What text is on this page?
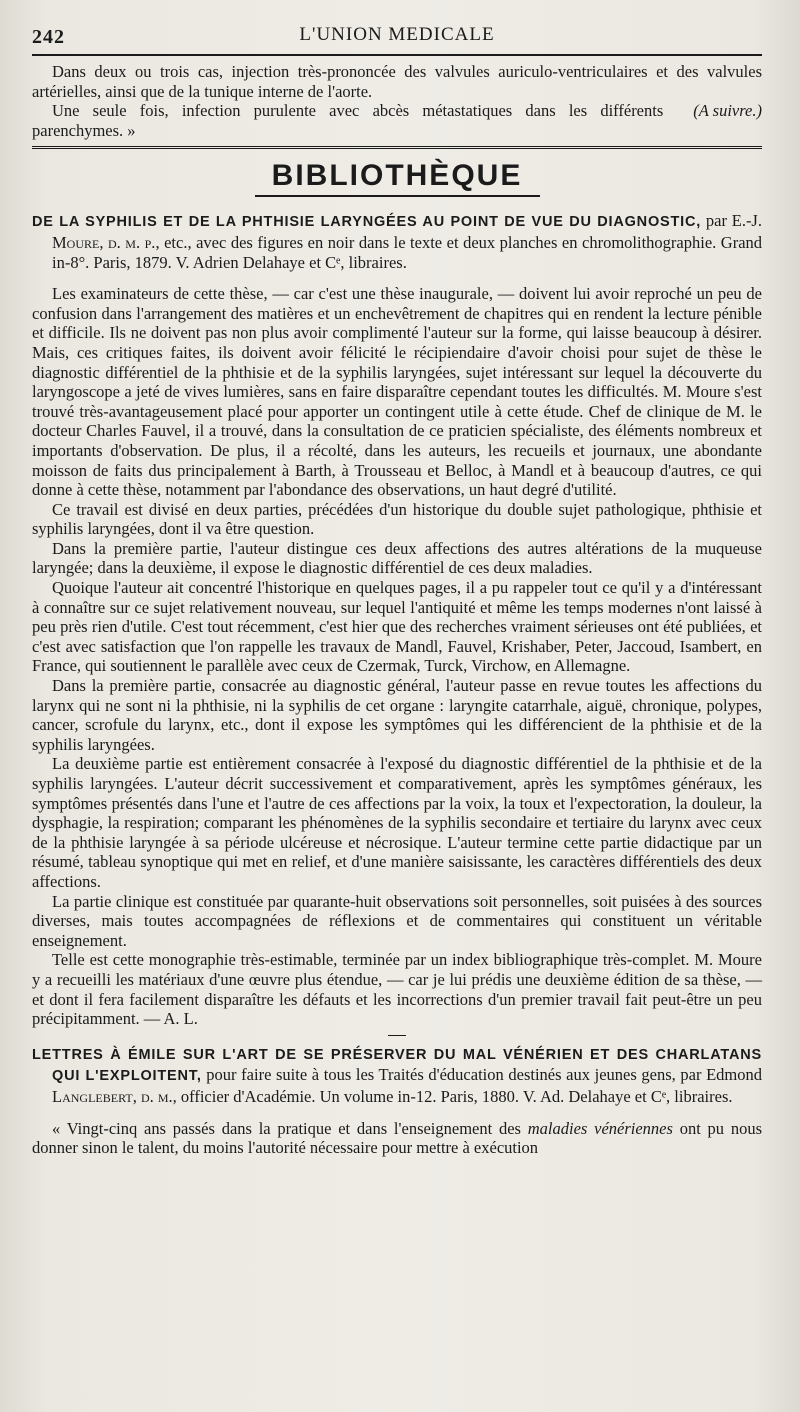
242	L'UNION MEDICALE

Dans deux ou trois cas, injection très-prononcée des valvules auriculo-ventriculaires et des valvules artérielles, ainsi que de la tunique interne de l'aorte.

(A suivre.)
Une seule fois, infection purulente avec abcès métastatiques dans les différents parenchymes. »

BIBLIOTHÈQUE
DE LA SYPHILIS ET DE LA PHTHISIE LARYNGÉES AU POINT DE VUE DU DIAGNOSTIC, par E.-J. Moure, d. m. p., etc., avec des figures en noir dans le texte et deux planches en chromolithographie. Grand in-8°. Paris, 1879. V. Adrien Delahaye et Cᵉ, libraires.

Les examinateurs de cette thèse, — car c'est une thèse inaugurale, — doivent lui avoir reproché un peu de confusion dans l'arrangement des matières et un enchevêtrement de chapitres qui en rendent la lecture pénible et difficile. Ils ne doivent pas non plus avoir complimenté l'auteur sur la forme, qui laisse beaucoup à désirer. Mais, ces critiques faites, ils doivent avoir félicité le récipiendaire d'avoir choisi pour sujet de thèse le diagnostic différentiel de la phthisie et de la syphilis laryngées, sujet intéressant sur lequel la découverte du laryngoscope a jeté de vives lumières, sans en faire disparaître cependant toutes les difficultés. M. Moure s'est trouvé très-avantageusement placé pour apporter un contingent utile à cette étude. Chef de clinique de M. le docteur Charles Fauvel, il a trouvé, dans la consultation de ce praticien spécialiste, des éléments nombreux et importants d'observation. De plus, il a récolté, dans les auteurs, les recueils et journaux, une abondante moisson de faits dus principalement à Barth, à Trousseau et Belloc, à Mandl et à beaucoup d'autres, ce qui donne à cette thèse, notamment par l'abondance des observations, un haut degré d'utilité.

Ce travail est divisé en deux parties, précédées d'un historique du double sujet pathologique, phthisie et syphilis laryngées, dont il va être question.

Dans la première partie, l'auteur distingue ces deux affections des autres altérations de la muqueuse laryngée; dans la deuxième, il expose le diagnostic différentiel de ces deux maladies.

Quoique l'auteur ait concentré l'historique en quelques pages, il a pu rappeler tout ce qu'il y a d'intéressant à connaître sur ce sujet relativement nouveau, sur lequel l'antiquité et même les temps modernes n'ont laissé à peu près rien d'utile. C'est tout récemment, c'est hier que des recherches vraiment sérieuses ont été publiées, et c'est avec satisfaction que l'on rappelle les travaux de Mandl, Fauvel, Krishaber, Peter, Jaccoud, Isambert, en France, qui soutiennent le parallèle avec ceux de Czermak, Turck, Virchow, en Allemagne.

Dans la première partie, consacrée au diagnostic général, l'auteur passe en revue toutes les affections du larynx qui ne sont ni la phthisie, ni la syphilis de cet organe : laryngite catarrhale, aiguë, chronique, polypes, cancer, scrofule du larynx, etc., dont il expose les symptômes qui les différencient de la phthisie et de la syphilis laryngées.

La deuxième partie est entièrement consacrée à l'exposé du diagnostic différentiel de la phthisie et de la syphilis laryngées. L'auteur décrit successivement et comparativement, après les symptômes généraux, les symptômes présentés dans l'une et l'autre de ces affections par la voix, la toux et l'expectoration, la douleur, la dysphagie, la respiration; comparant les phénomènes de la syphilis secondaire et tertiaire du larynx avec ceux de la phthisie laryngée à sa période ulcéreuse et nécrosique. L'auteur termine cette partie didactique par un résumé, tableau synoptique qui met en relief, et d'une manière saisissante, les caractères différentiels des deux affections.

La partie clinique est constituée par quarante-huit observations soit personnelles, soit puisées à des sources diverses, mais toutes accompagnées de réflexions et de commentaires qui constituent un véritable enseignement.

Telle est cette monographie très-estimable, terminée par un index bibliographique très-complet. M. Moure y a recueilli les matériaux d'une œuvre plus étendue, — car je lui prédis une deuxième édition de sa thèse, — et dont il fera facilement disparaître les défauts et les incorrections d'un premier travail fait peut-être un peu précipitamment. — A. L.

LETTRES À ÉMILE SUR L'ART DE SE PRÉSERVER DU MAL VÉNÉRIEN ET DES CHARLATANS QUI L'EXPLOITENT, pour faire suite à tous les Traités d'éducation destinés aux jeunes gens, par Edmond Langlebert, d. m., officier d'Académie. Un volume in-12. Paris, 1880. V. Ad. Delahaye et Cᵉ, libraires.

« Vingt-cinq ans passés dans la pratique et dans l'enseignement des maladies vénériennes ont pu nous donner sinon le talent, du moins l'autorité nécessaire pour mettre à exécution
